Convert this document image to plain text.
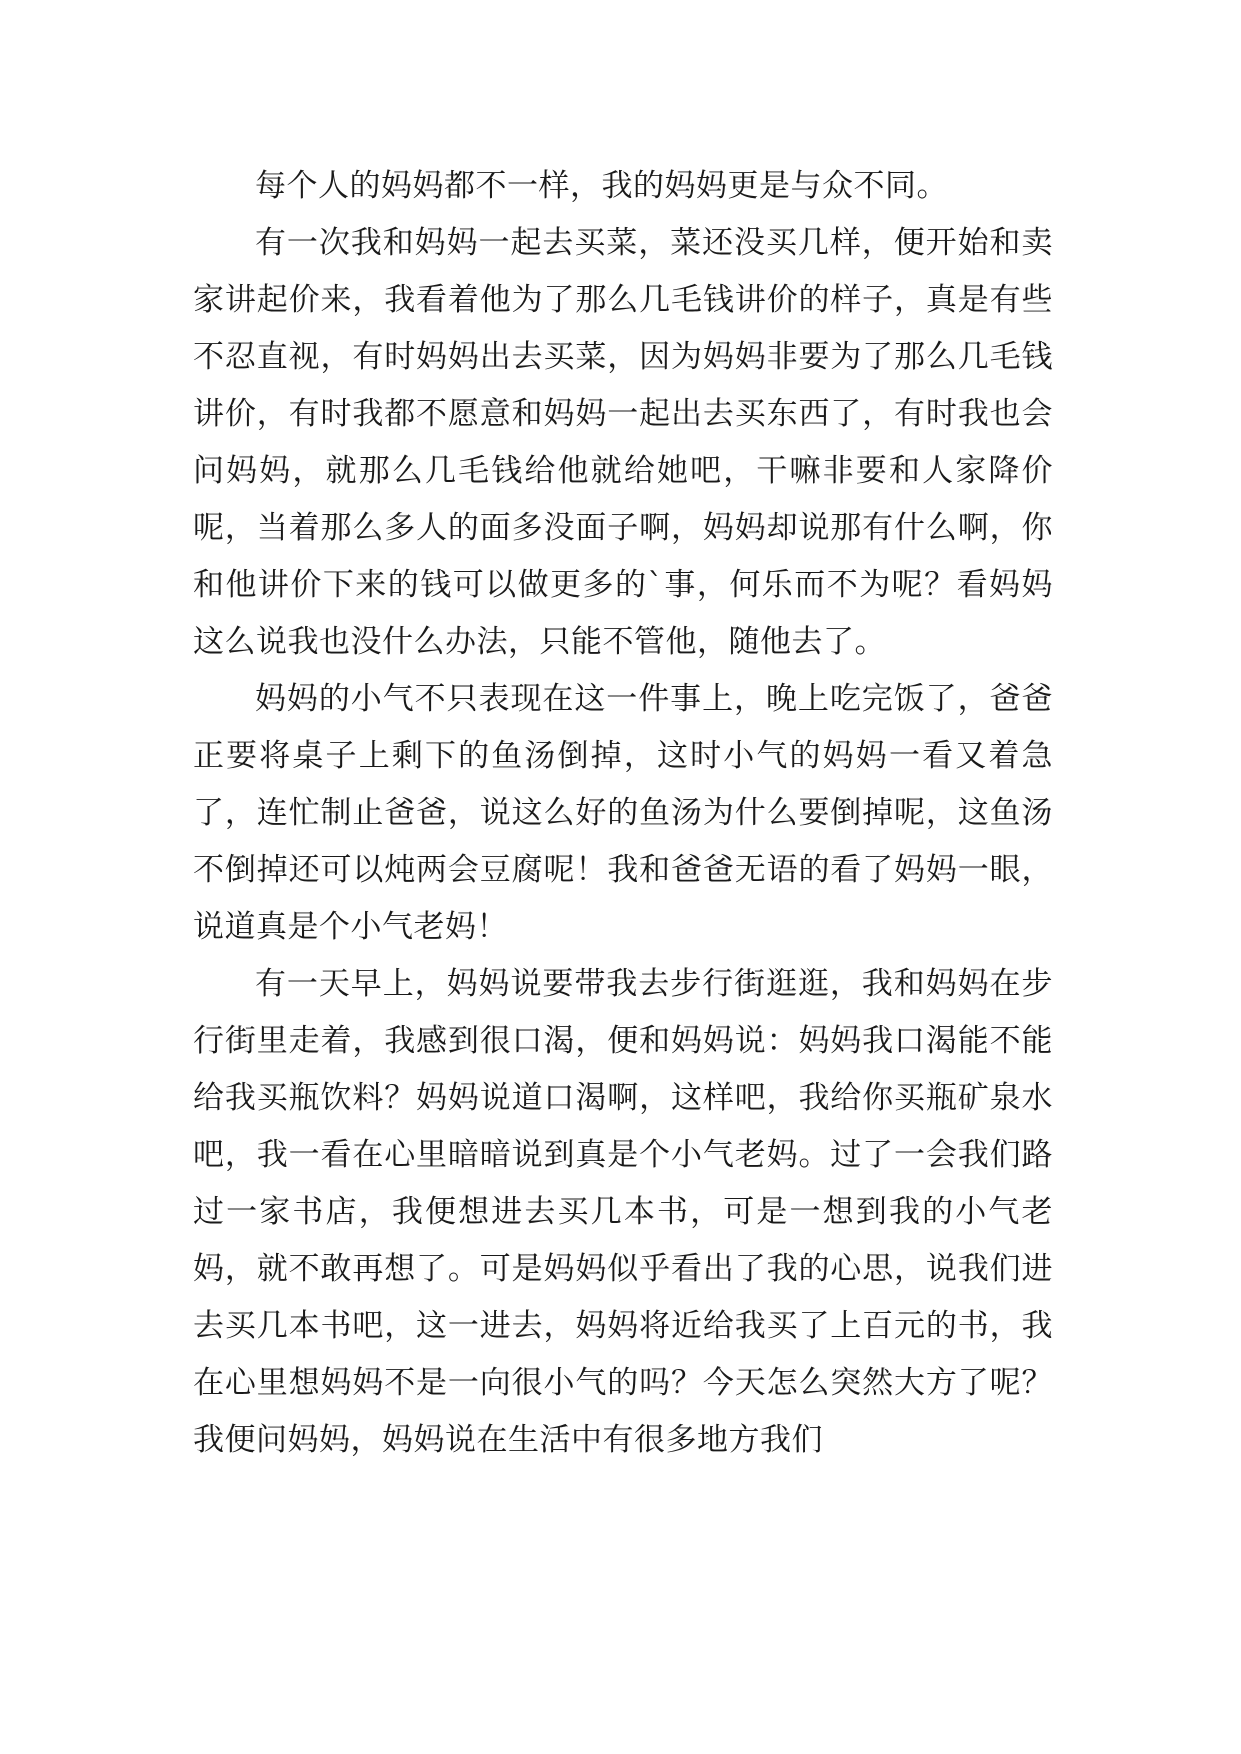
每个人的妈妈都不一样，我的妈妈更是与众不同。

有一次我和妈妈一起去买菜，菜还没买几样，便开始和卖家讲起价来，我看着他为了那么几毛钱讲价的样子，真是有些不忍直视，有时妈妈出去买菜，因为妈妈非要为了那么几毛钱讲价，有时我都不愿意和妈妈一起出去买东西了，有时我也会问妈妈，就那么几毛钱给他就给她吧，干嘛非要和人家降价呢，当着那么多人的面多没面子啊，妈妈却说那有什么啊，你和他讲价下来的钱可以做更多的`事，何乐而不为呢？看妈妈这么说我也没什么办法，只能不管他，随他去了。

妈妈的小气不只表现在这一件事上，晚上吃完饭了，爸爸正要将桌子上剩下的鱼汤倒掉，这时小气的妈妈一看又着急了，连忙制止爸爸，说这么好的鱼汤为什么要倒掉呢，这鱼汤不倒掉还可以炖两会豆腐呢！我和爸爸无语的看了妈妈一眼，说道真是个小气老妈！

有一天早上，妈妈说要带我去步行街逛逛，我和妈妈在步行街里走着，我感到很口渴，便和妈妈说：妈妈我口渴能不能给我买瓶饮料？妈妈说道口渴啊，这样吧，我给你买瓶矿泉水吧，我一看在心里暗暗说到真是个小气老妈。过了一会我们路过一家书店，我便想进去买几本书，可是一想到我的小气老妈，就不敢再想了。可是妈妈似乎看出了我的心思，说我们进去买几本书吧，这一进去，妈妈将近给我买了上百元的书，我在心里想妈妈不是一向很小气的吗？今天怎么突然大方了呢？我便问妈妈，妈妈说在生活中有很多地方我们
